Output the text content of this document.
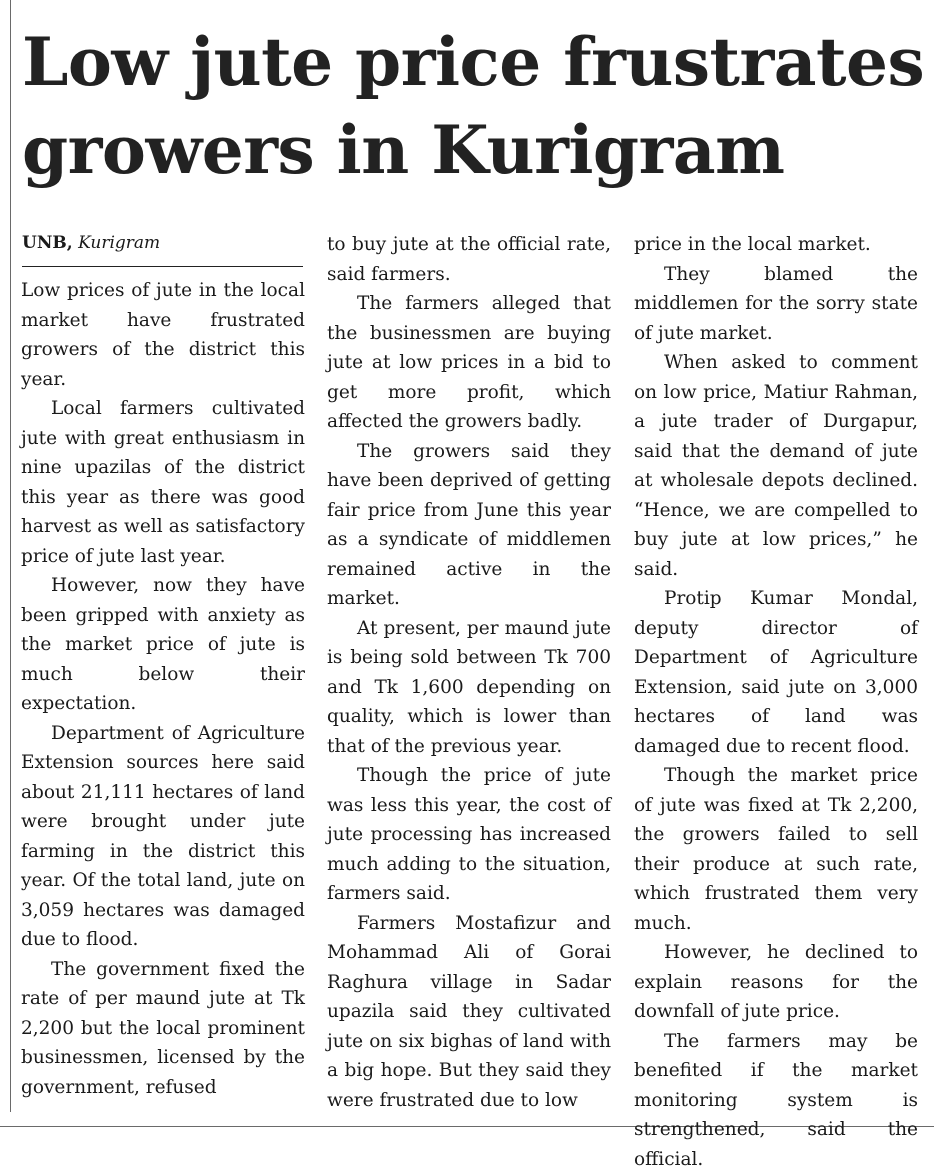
Low jute price frustrates
growers in Kurigram
UNB, Kurigram

Low prices of jute in the local market have frustrated growers of the district this year.

Local farmers cultivated jute with great enthusiasm in nine upazilas of the district this year as there was good harvest as well as satisfactory price of jute last year.

However, now they have been gripped with anxiety as the market price of jute is much below their expectation.

Department of Agriculture Extension sources here said about 21,111 hectares of land were brought under jute farming in the district this year. Of the total land, jute on 3,059 hectares was damaged due to flood.

The government fixed the rate of per maund jute at Tk 2,200 but the local prominent businessmen, licensed by the government, refused

to buy jute at the official rate, said farmers.

The farmers alleged that the businessmen are buying jute at low prices in a bid to get more profit, which affected the growers badly.

The growers said they have been deprived of getting fair price from June this year as a syndicate of middlemen remained active in the market.

At present, per maund jute is being sold between Tk 700 and Tk 1,600 depending on quality, which is lower than that of the previous year.

Though the price of jute was less this year, the cost of jute processing has increased much adding to the situation, farmers said.

Farmers Mostafizur and Mohammad Ali of Gorai Raghura village in Sadar upazila said they cultivated jute on six bighas of land with a big hope. But they said they were frustrated due to low

price in the local market.

They blamed the middlemen for the sorry state of jute market.

When asked to comment on low price, Matiur Rahman, a jute trader of Durgapur, said that the demand of jute at wholesale depots declined. “Hence, we are compelled to buy jute at low prices,” he said.

Protip Kumar Mondal, deputy director of Department of Agriculture Extension, said jute on 3,000 hectares of land was damaged due to recent flood.

Though the market price of jute was fixed at Tk 2,200, the growers failed to sell their produce at such rate, which frustrated them very much.

However, he declined to explain reasons for the downfall of jute price.

The farmers may be benefited if the market monitoring system is strengthened, said the official.
